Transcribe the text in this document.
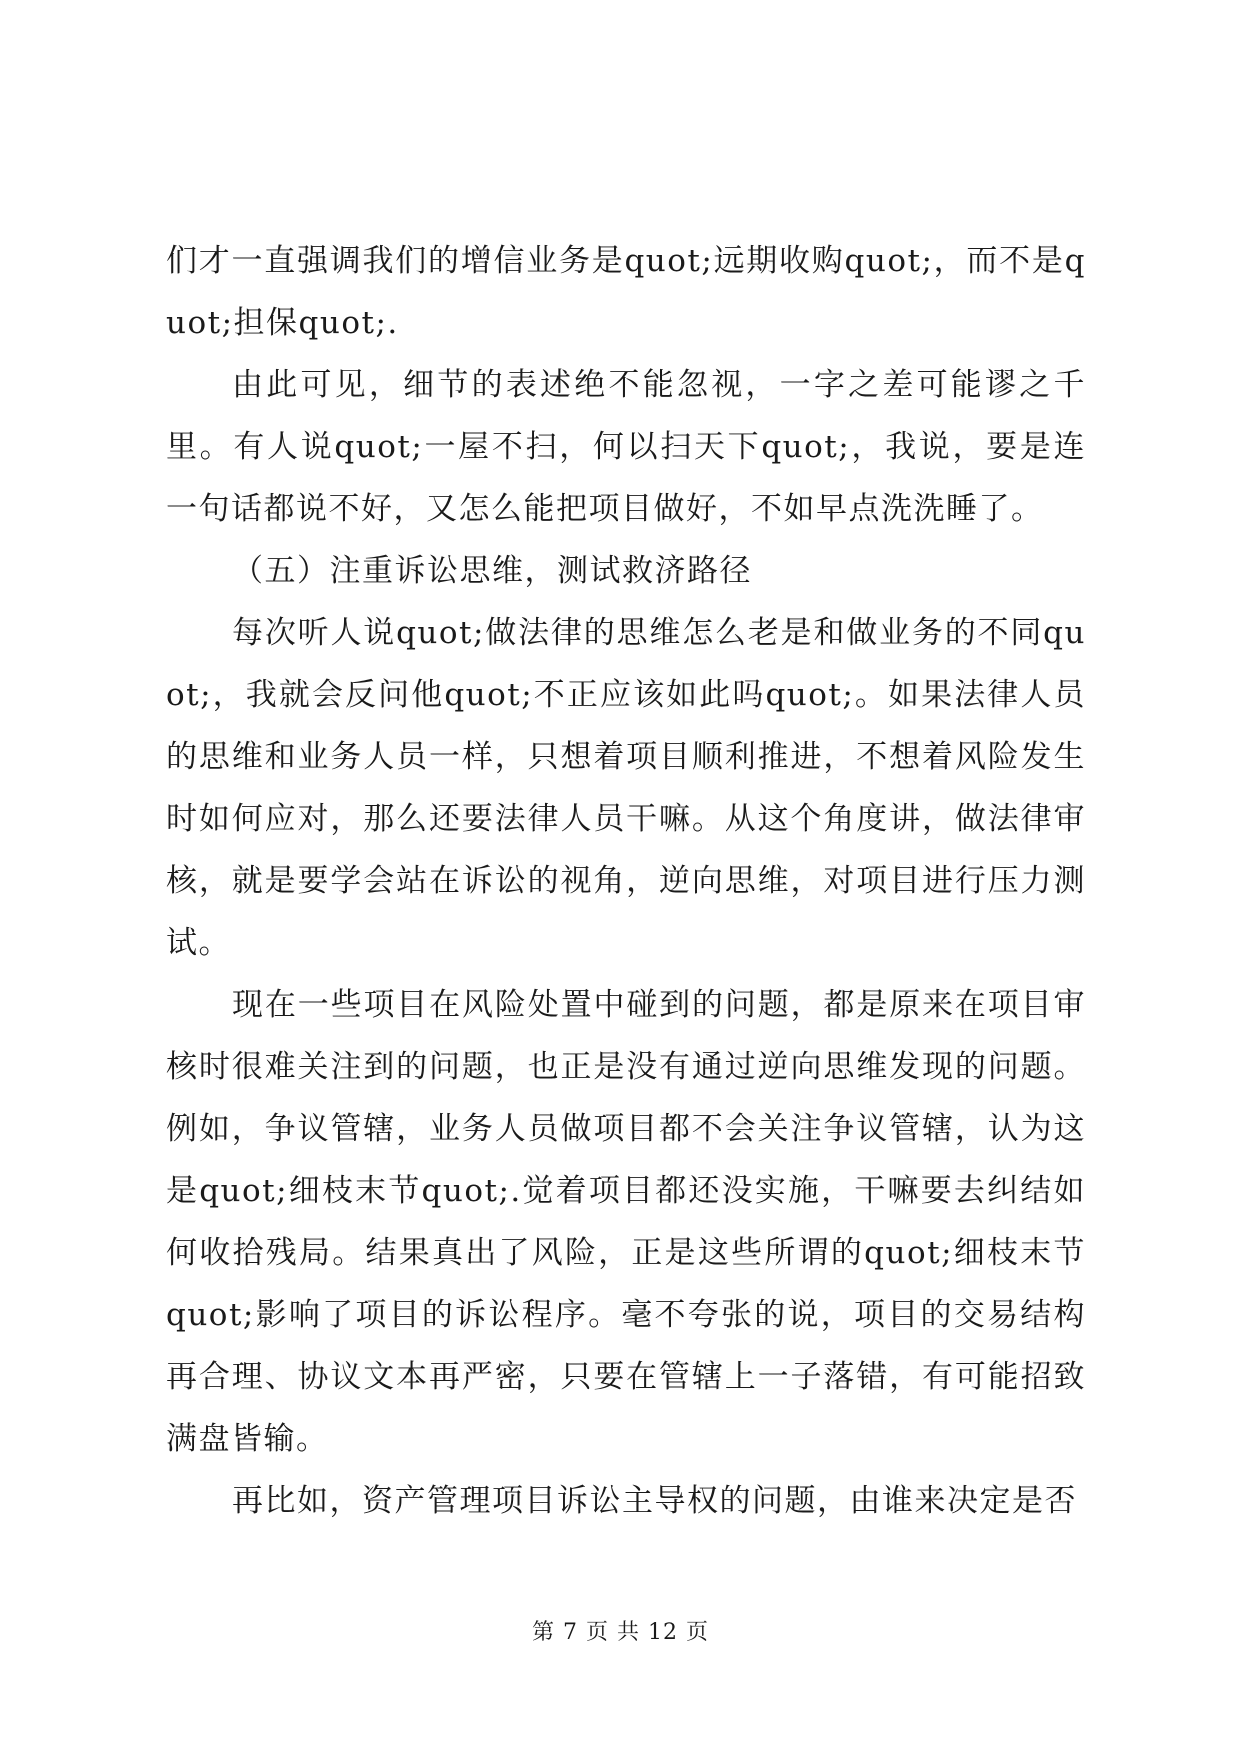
们才一直强调我们的增信业务是quot;远期收购quot;，而不是quot;担保quot;.

由此可见，细节的表述绝不能忽视，一字之差可能谬之千里。有人说quot;一屋不扫，何以扫天下quot;，我说，要是连一句话都说不好，又怎么能把项目做好，不如早点洗洗睡了。

（五）注重诉讼思维，测试救济路径

每次听人说quot;做法律的思维怎么老是和做业务的不同quot;，我就会反问他quot;不正应该如此吗quot;。如果法律人员的思维和业务人员一样，只想着项目顺利推进，不想着风险发生时如何应对，那么还要法律人员干嘛。从这个角度讲，做法律审核，就是要学会站在诉讼的视角，逆向思维，对项目进行压力测试。

现在一些项目在风险处置中碰到的问题，都是原来在项目审核时很难关注到的问题，也正是没有通过逆向思维发现的问题。例如，争议管辖，业务人员做项目都不会关注争议管辖，认为这是quot;细枝末节quot;.觉着项目都还没实施，干嘛要去纠结如何收拾残局。结果真出了风险，正是这些所谓的quot;细枝末节quot;影响了项目的诉讼程序。毫不夸张的说，项目的交易结构再合理、协议文本再严密，只要在管辖上一子落错，有可能招致满盘皆输。

再比如，资产管理项目诉讼主导权的问题，由谁来决定是否

第 7 页 共 12 页
